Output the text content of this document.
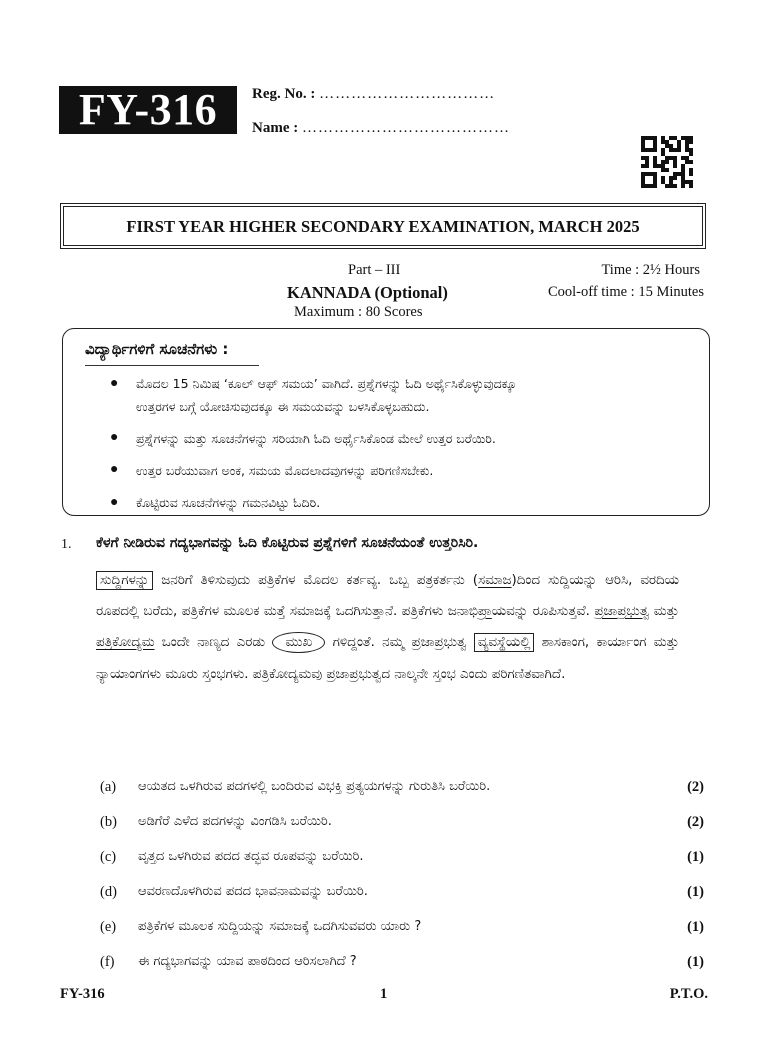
FY-316	Reg. No. : ……………………………
Name : …………………………………
FIRST YEAR HIGHER SECONDARY EXAMINATION, MARCH 2025
Part – III
KANNADA (Optional)
Maximum : 80 Scores
Time : 2½ Hours
Cool-off time : 15 Minutes
ವಿದ್ಯಾರ್ಥಿಗಳಿಗೆ ಸೂಚನೆಗಳು :
● ಮೊದಲ 15 ನಿಮಿಷ ‘ಕೂಲ್ ಆಫ್ ಸಮಯ’ ವಾಗಿದೆ. ಪ್ರಶ್ನೆಗಳನ್ನು ಓದಿ ಅರ್ಥೈಸಿಕೊಳ್ಳುವುದಕ್ಕೂ
ಉತ್ತರಗಳ ಬಗ್ಗೆ ಯೋಚಿಸುವುದಕ್ಕೂ ಈ ಸಮಯವನ್ನು ಬಳಸಿಕೊಳ್ಳಬಹುದು.
● ಪ್ರಶ್ನೆಗಳನ್ನು ಮತ್ತು ಸೂಚನೆಗಳನ್ನು ಸರಿಯಾಗಿ ಓದಿ ಅರ್ಥೈಸಿಕೊಂಡ ಮೇಲೆ ಉತ್ತರ ಬರೆಯಿರಿ.
● ಉತ್ತರ ಬರೆಯುವಾಗ ಅಂಕ, ಸಮಯ ಮೊದಲಾದವುಗಳನ್ನು ಪರಿಗಣಿಸಬೇಕು.
● ಕೊಟ್ಟಿರುವ ಸೂಚನೆಗಳನ್ನು ಗಮನವಿಟ್ಟು ಓದಿರಿ.
1. ಕೆಳಗೆ ನೀಡಿರುವ ಗದ್ಯಭಾಗವನ್ನು ಓದಿ ಕೊಟ್ಟಿರುವ ಪ್ರಶ್ನೆಗಳಿಗೆ ಸೂಚನೆಯಂತೆ ಉತ್ತರಿಸಿರಿ.
ಸುದ್ದಿಗಳನ್ನು ಜನರಿಗೆ ತಿಳಿಸುವುದು ಪತ್ರಿಕೆಗಳ ಮೊದಲ ಕರ್ತವ್ಯ. ಒಬ್ಬ ಪತ್ರಕರ್ತನು (ಸಮಾಜ)ದಿಂದ ಸುದ್ದಿಯನ್ನು ಆರಿಸಿ, ವರದಿಯ ರೂಪದಲ್ಲಿ ಬರೆದು, ಪತ್ರಿಕೆಗಳ ಮೂಲಕ ಮತ್ತೆ ಸಮಾಜಕ್ಕೆ ಒದಗಿಸುತ್ತಾನೆ. ಪತ್ರಿಕೆಗಳು ಜನಾಭಿಪ್ರಾಯವನ್ನು ರೂಪಿಸುತ್ತವೆ. ಪ್ರಜಾಪ್ರಭುತ್ವ ಮತ್ತು ಪತ್ರಿಕೋದ್ಯಮ ಒಂದೇ ನಾಣ್ಯದ ಎರಡು ಮುಖ ಗಳಿದ್ದಂತೆ. ನಮ್ಮ ಪ್ರಜಾಪ್ರಭುತ್ವ ವ್ಯವಸ್ಥೆಯಲ್ಲಿ ಶಾಸಕಾಂಗ, ಕಾರ್ಯಾಂಗ ಮತ್ತು ನ್ಯಾಯಾಂಗಗಳು ಮೂರು ಸ್ತಂಭಗಳು. ಪತ್ರಿಕೋದ್ಯಮವು ಪ್ರಜಾಪ್ರಭುತ್ವದ ನಾಲ್ಕನೇ ಸ್ತಂಭ ಎಂದು ಪರಿಗಣಿತವಾಗಿದೆ.
(a) ಆಯತದ ಒಳಗಿರುವ ಪದಗಳಲ್ಲಿ ಬಂದಿರುವ ವಿಭಕ್ತಿ ಪ್ರತ್ಯಯಗಳನ್ನು ಗುರುತಿಸಿ ಬರೆಯಿರಿ.	(2)
(b) ಅಡಿಗೆರೆ ಎಳೆದ ಪದಗಳನ್ನು ವಿಂಗಡಿಸಿ ಬರೆಯಿರಿ.	(2)
(c) ವೃತ್ತದ ಒಳಗಿರುವ ಪದದ ತದ್ಭವ ರೂಪವನ್ನು ಬರೆಯಿರಿ.	(1)
(d) ಆವರಣದೊಳಗಿರುವ ಪದದ ಭಾವನಾಮವನ್ನು ಬರೆಯಿರಿ.	(1)
(e) ಪತ್ರಿಕೆಗಳ ಮೂಲಕ ಸುದ್ದಿಯನ್ನು ಸಮಾಜಕ್ಕೆ ಒದಗಿಸುವವರು ಯಾರು ?	(1)
(f) ಈ ಗದ್ಯಭಾಗವನ್ನು ಯಾವ ಪಾಠದಿಂದ ಆರಿಸಲಾಗಿದೆ ?	(1)
FY-316	1	P.T.O.
